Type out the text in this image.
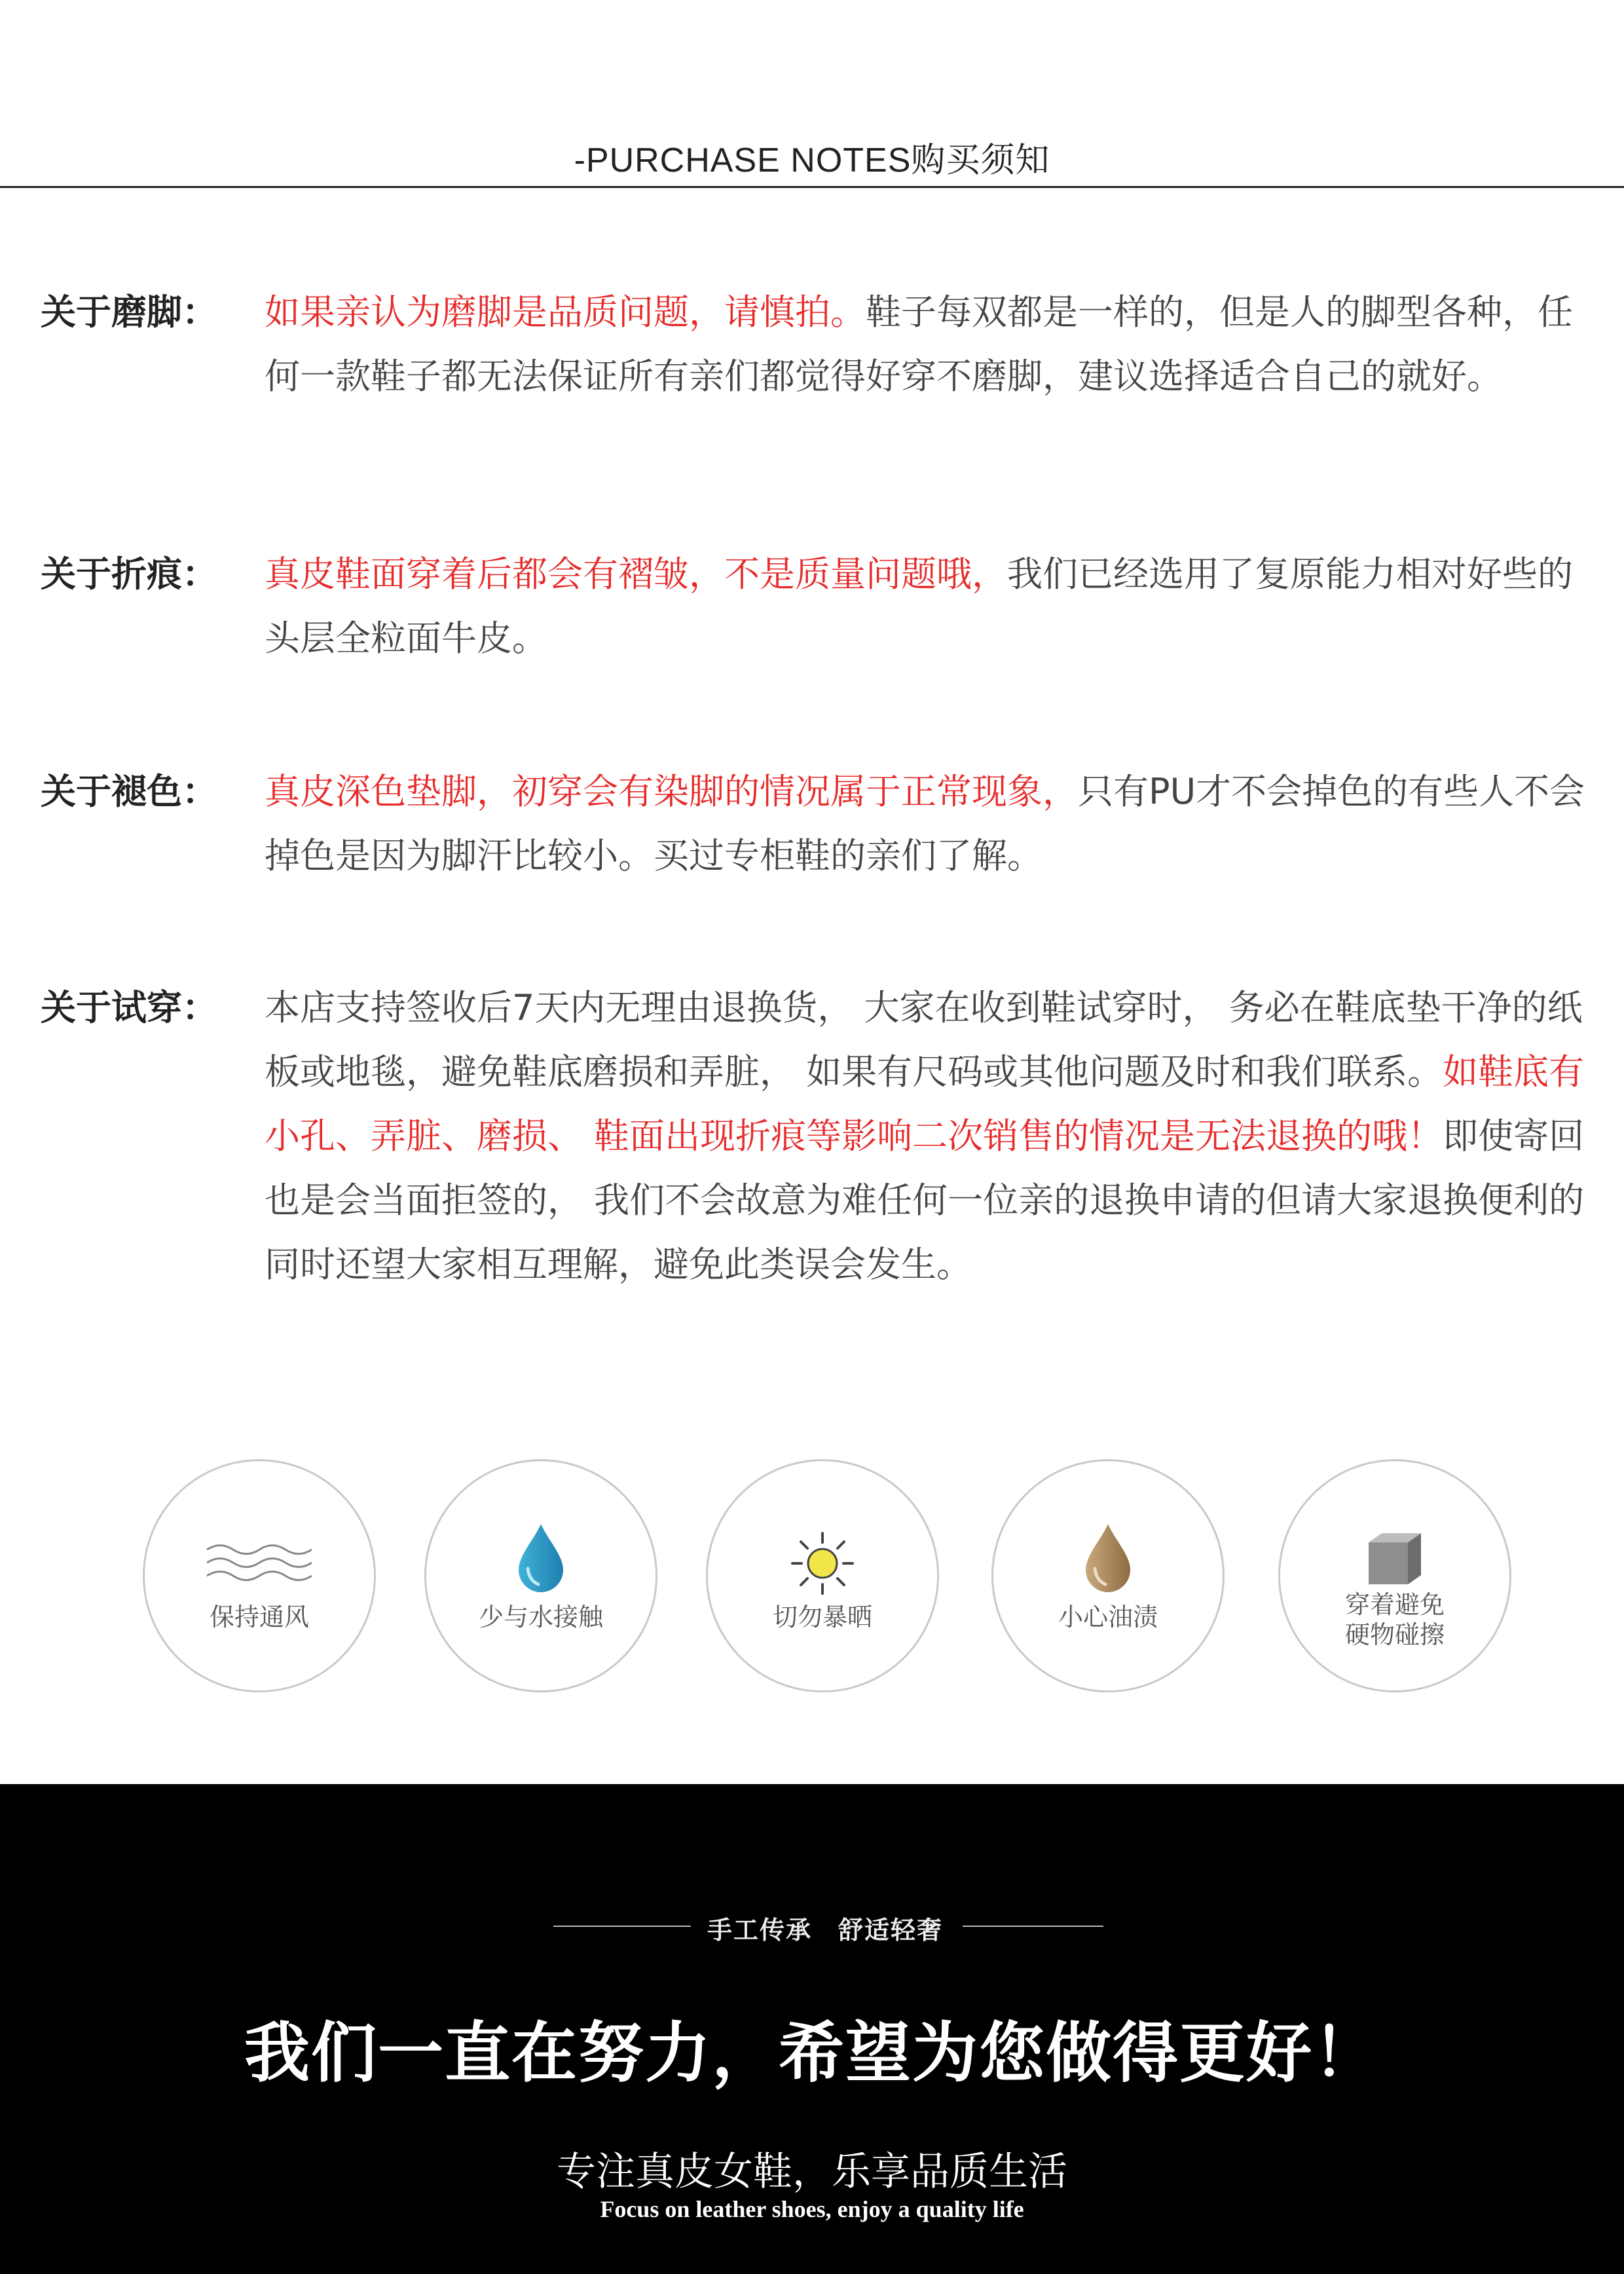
-PURCHASE NOTES购买须知
关于磨脚：	如果亲认为磨脚是品质问题，请慎拍。鞋子每双都是一样的，但是人的脚型各种，任何一款鞋子都无法保证所有亲们都觉得好穿不磨脚，建议选择适合自己的就好。
关于折痕：	真皮鞋面穿着后都会有褶皱，不是质量问题哦，我们已经选用了复原能力相对好些的头层全粒面牛皮。
关于褪色：	真皮深色垫脚，初穿会有染脚的情况属于正常现象，只有PU才不会掉色的有些人不会掉色是因为脚汗比较小。买过专柜鞋的亲们了解。
关于试穿：	本店支持签收后7天内无理由退换货， 大家在收到鞋试穿时， 务必在鞋底垫干净的纸板或地毯，避免鞋底磨损和弄脏， 如果有尺码或其他问题及时和我们联系。如鞋底有小孔、弄脏、磨损、 鞋面出现折痕等影响二次销售的情况是无法退换的哦！即使寄回也是会当面拒签的， 我们不会故意为难任何一位亲的退换申请的但请大家退换便利的同时还望大家相互理解，避免此类误会发生。
保持通风	少与水接触	切勿暴晒	小心油渍	穿着避免
硬物碰擦
手工传承　舒适轻奢
我们一直在努力，希望为您做得更好！
专注真皮女鞋，乐享品质生活
Focus on leather shoes, enjoy a quality life
